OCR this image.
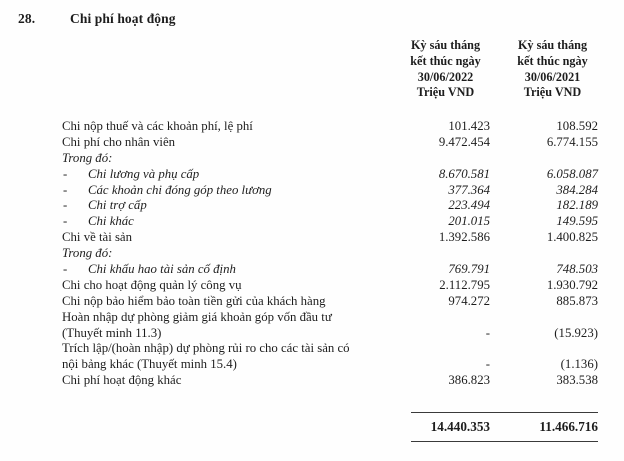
28.	Chi phí hoạt động
Kỳ sáu tháng
kết thúc ngày
30/06/2022
Triệu VND
Kỳ sáu tháng
kết thúc ngày
30/06/2021
Triệu VND
Chi nộp thuế và các khoản phí, lệ phí	101.423	108.592
Chi phí cho nhân viên	9.472.454	6.774.155
Trong đó:
- Chi lương và phụ cấp	8.670.581	6.058.087
- Các khoản chi đóng góp theo lương	377.364	384.284
- Chi trợ cấp	223.494	182.189
- Chi khác	201.015	149.595
Chi về tài sản	1.392.586	1.400.825
Trong đó:
- Chi khấu hao tài sản cố định	769.791	748.503
Chi cho hoạt động quản lý công vụ	2.112.795	1.930.792
Chi nộp bảo hiểm bảo toàn tiền gửi của khách hàng	974.272	885.873
Hoàn nhập dự phòng giảm giá khoản góp vốn đầu tư
(Thuyết minh 11.3)	-	(15.923)
Trích lập/(hoàn nhập) dự phòng rủi ro cho các tài sản có
nội bảng khác (Thuyết minh 15.4)	-	(1.136)
Chi phí hoạt động khác	386.823	383.538
14.440.353	11.466.716
